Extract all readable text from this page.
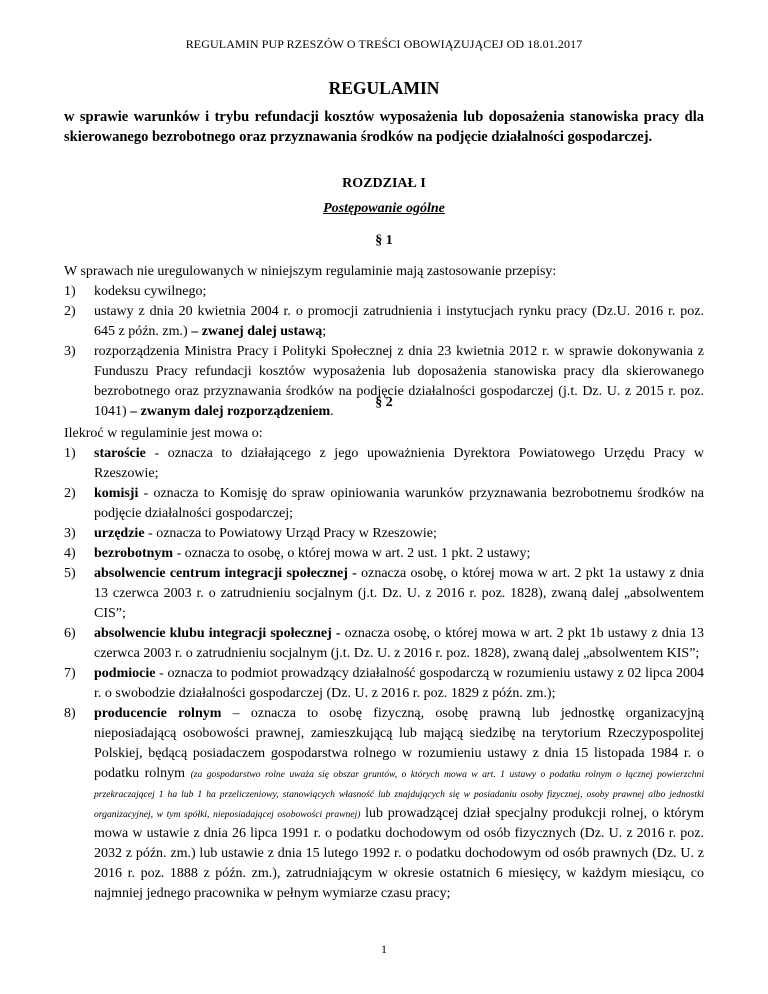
REGULAMIN PUP RZESZÓW O TREŚCI OBOWIĄZUJĄCEJ OD 18.01.2017
REGULAMIN
w sprawie warunków i trybu refundacji kosztów wyposażenia lub doposażenia stanowiska pracy dla skierowanego bezrobotnego oraz przyznawania środków na podjęcie działalności gospodarczej.
ROZDZIAŁ I
Postępowanie ogólne
§ 1
W sprawach nie uregulowanych w niniejszym regulaminie mają zastosowanie przepisy:
1) kodeksu cywilnego;
2) ustawy z dnia 20 kwietnia 2004 r. o promocji zatrudnienia i instytucjach rynku pracy (Dz.U. 2016 r. poz. 645 z późn. zm.) – zwanej dalej ustawą;
3) rozporządzenia Ministra Pracy i Polityki Społecznej z dnia 23 kwietnia 2012 r. w sprawie dokonywania z Funduszu Pracy refundacji kosztów wyposażenia lub doposażenia stanowiska pracy dla skierowanego bezrobotnego oraz przyznawania środków na podjęcie działalności gospodarczej (j.t. Dz. U. z 2015 r. poz. 1041) – zwanym dalej rozporządzeniem.
§ 2
Ilekroć w regulaminie jest mowa o:
1) staroście - oznacza to działającego z jego upoważnienia Dyrektora Powiatowego Urzędu Pracy w Rzeszowie;
2) komisji - oznacza to Komisję do spraw opiniowania warunków przyznawania bezrobotnemu środków na podjęcie działalności gospodarczej;
3) urzędzie - oznacza to Powiatowy Urząd Pracy w Rzeszowie;
4) bezrobotnym - oznacza to osobę, o której mowa w art. 2 ust. 1 pkt. 2 ustawy;
5) absolwencie centrum integracji społecznej - oznacza osobę, o której mowa w art. 2 pkt 1a ustawy z dnia 13 czerwca 2003 r. o zatrudnieniu socjalnym (j.t. Dz. U. z 2016 r. poz. 1828), zwaną dalej „absolwentem CIS”;
6) absolwencie klubu integracji społecznej - oznacza osobę, o której mowa w art. 2 pkt 1b ustawy z dnia 13 czerwca 2003 r. o zatrudnieniu socjalnym (j.t. Dz. U. z 2016 r. poz. 1828), zwaną dalej „absolwentem KIS”;
7) podmiocie - oznacza to podmiot prowadzący działalność gospodarczą w rozumieniu ustawy z 02 lipca 2004 r. o swobodzie działalności gospodarczej (Dz. U. z 2016 r. poz. 1829 z późn. zm.);
8) producencie rolnym – oznacza to osobę fizyczną, osobę prawną lub jednostkę organizacyjną nieposiadającą osobowości prawnej, zamieszkującą lub mającą siedzibę na terytorium Rzeczypospolitej Polskiej, będącą posiadaczem gospodarstwa rolnego w rozumieniu ustawy z dnia 15 listopada 1984 r. o podatku rolnym (za gospodarstwo rolne uważa się obszar gruntów, o których mowa w art. 1 ustawy o podatku rolnym o łącznej powierzchni przekraczającej 1 ha lub 1 ha przeliczeniowy, stanowiących własność lub znajdujących się w posiadaniu osoby fizycznej, osoby prawnej albo jednostki organizacyjnej, w tym spółki, nieposiadającej osobowości prawnej) lub prowadzącej dział specjalny produkcji rolnej, o którym mowa w ustawie z dnia 26 lipca 1991 r. o podatku dochodowym od osób fizycznych (Dz. U. z 2016 r. poz. 2032 z późn. zm.) lub ustawie z dnia 15 lutego 1992 r. o podatku dochodowym od osób prawnych (Dz. U. z 2016 r. poz. 1888 z późn. zm.), zatrudniającym w okresie ostatnich 6 miesięcy, w każdym miesiącu, co najmniej jednego pracownika w pełnym wymiarze czasu pracy;
1
